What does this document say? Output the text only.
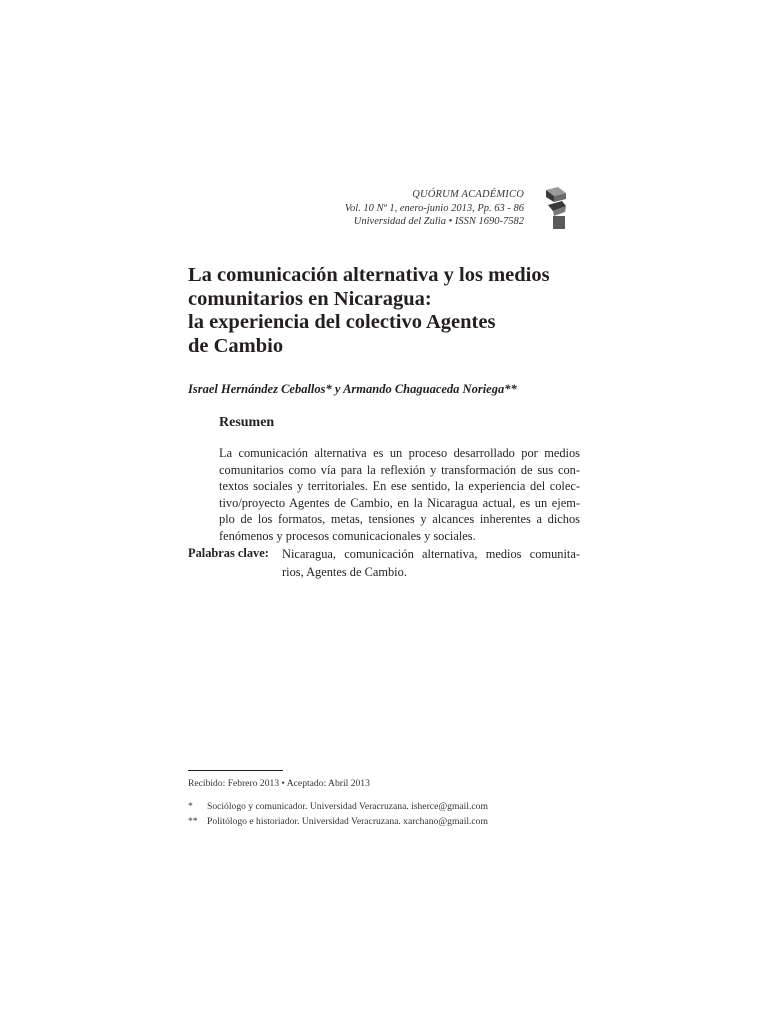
QUÓRUM ACADÉMICO
Vol. 10 Nº 1, enero-junio 2013, Pp. 63 - 86
Universidad del Zulia • ISSN 1690-7582
La comunicación alternativa y los medios
comunitarios en Nicaragua:
la experiencia del colectivo Agentes
de Cambio
Israel Hernández Ceballos* y Armando Chaguaceda Noriega**
Resumen
La comunicación alternativa es un proceso desarrollado por medios
comunitarios como vía para la reflexión y transformación de sus con-
textos sociales y territoriales. En ese sentido, la experiencia del colec-
tivo/proyecto Agentes de Cambio, en la Nicaragua actual, es un ejem-
plo de los formatos, metas, tensiones y alcances inherentes a dichos
fenómenos y procesos comunicacionales y sociales.
Palabras clave: Nicaragua, comunicación alternativa, medios comunita-
rios, Agentes de Cambio.
Recibido: Febrero 2013 • Aceptado: Abril 2013
* Sociólogo y comunicador. Universidad Veracruzana. isherce@gmail.com
** Politólogo e historiador. Universidad Veracruzana. xarchano@gmail.com
